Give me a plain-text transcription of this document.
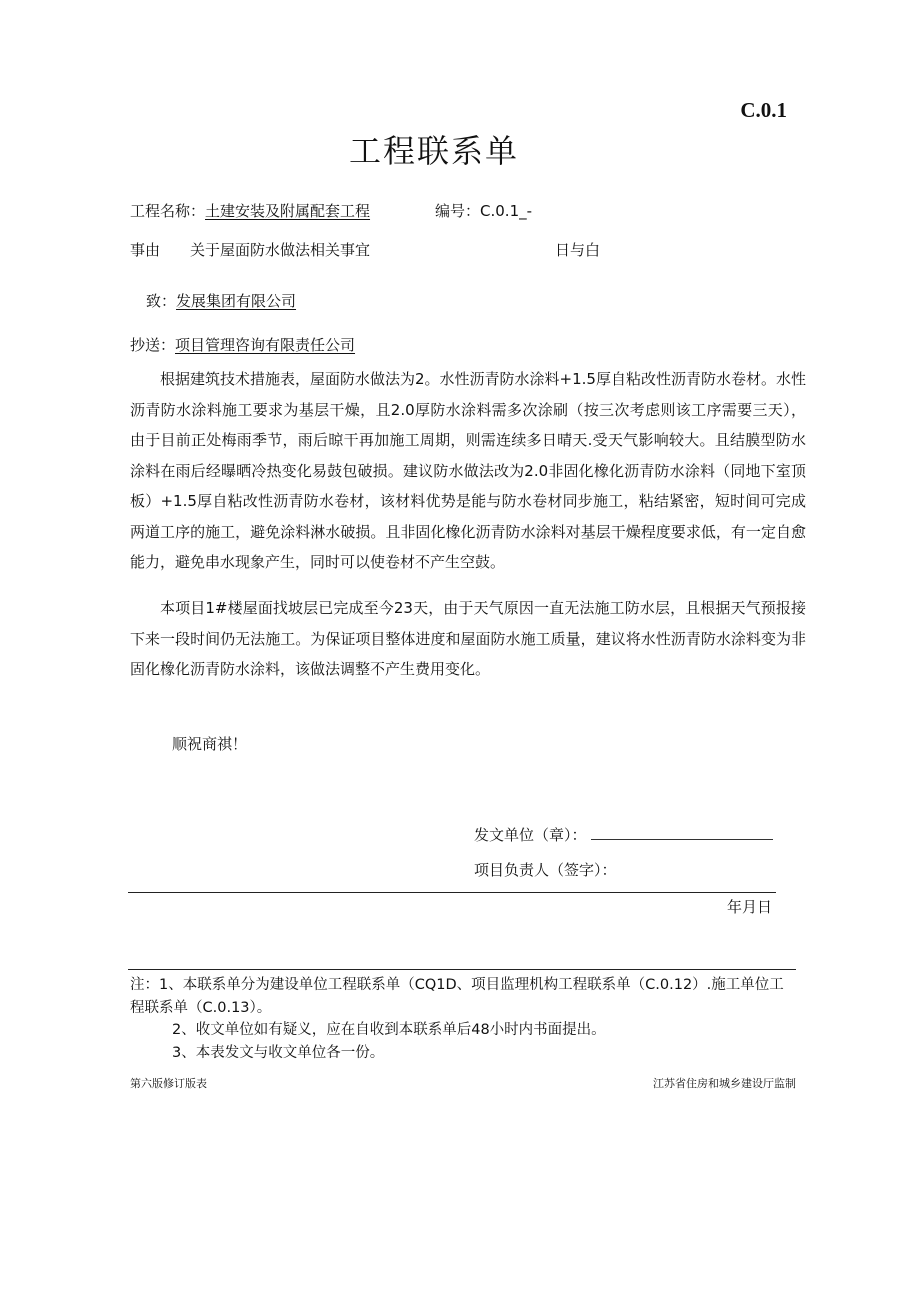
C.0.1
工程联系单
工程名称：土建安装及附属配套工程	编号：C.0.1_-
事由 关于屋面防水做法相关事宜	日与白
致：发展集团有限公司
抄送：项目管理咨询有限责任公司
根据建筑技术措施表，屋面防水做法为2。水性沥青防水涂料+1.5厚自粘改性沥青防水卷材。水性沥青防水涂料施工要求为基层干燥，且2.0厚防水涂料需多次涂刷（按三次考虑则该工序需要三天），由于目前正处梅雨季节，雨后晾干再加施工周期，则需连续多日晴天.受天气影响较大。且结膜型防水涂料在雨后经曝晒冷热变化易鼓包破损。建议防水做法改为2.0非固化橡化沥青防水涂料（同地下室顶板）+1.5厚自粘改性沥青防水卷材，该材料优势是能与防水卷材同步施工，粘结紧密，短时间可完成两道工序的施工，避免涂料淋水破损。且非固化橡化沥青防水涂料对基层干燥程度要求低，有一定自愈能力，避免串水现象产生，同时可以使卷材不产生空鼓。
本项目1#楼屋面找坡层已完成至今23天，由于天气原因一直无法施工防水层，且根据天气预报接下来一段时间仍无法施工。为保证项目整体进度和屋面防水施工质量，建议将水性沥青防水涂料变为非固化橡化沥青防水涂料，该做法调整不产生费用变化。
顺祝商祺！
发文单位（章）：
项目负责人（签字）：
年月日
注：1、本联系单分为建设单位工程联系单（CQ1D、项目监理机构工程联系单（C.0.12）.施工单位工程联系单（C.0.13）。
2、收文单位如有疑义，应在自收到本联系单后48小时内书面提出。
3、本表发文与收文单位各一份。
第六版修订版表	江苏省住房和城乡建设厅监制
